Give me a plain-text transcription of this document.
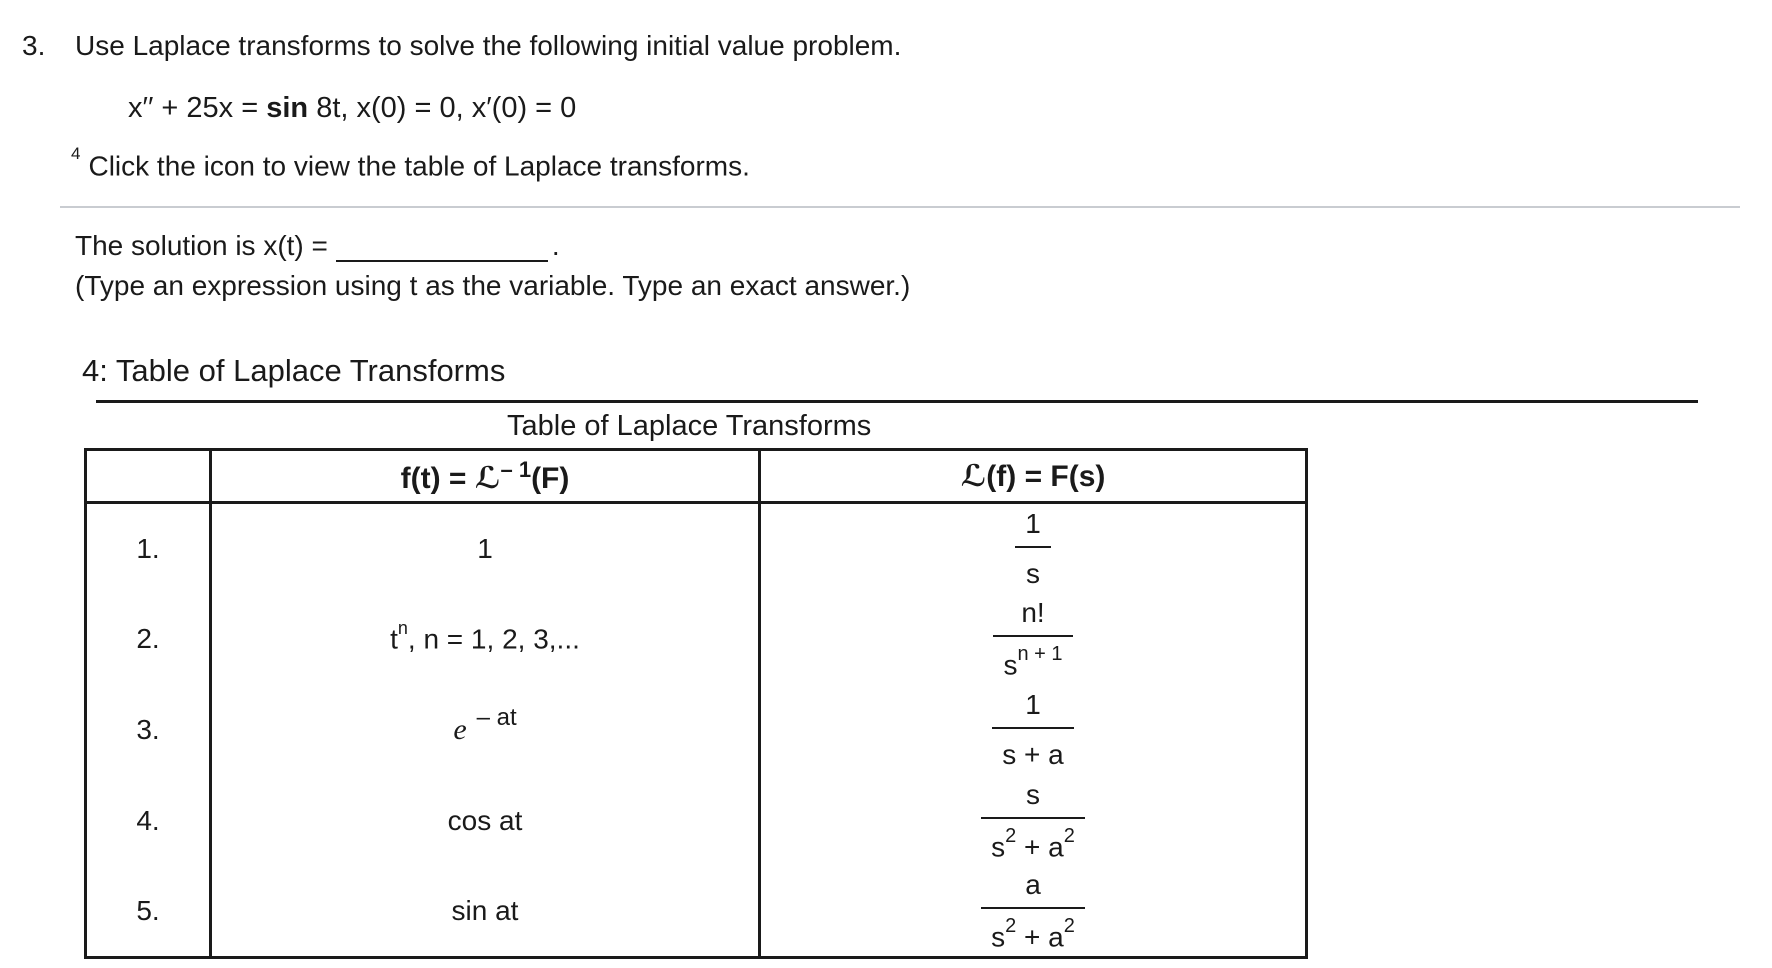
3. Use Laplace transforms to solve the following initial value problem.
x′′ + 25x = sin 8t, x(0) = 0, x′(0) = 0
$^4$ Click the icon to view the table of Laplace transforms.
The solution is x(t) =	.
(Type an expression using t as the variable. Type an exact answer.)
4: Table of Laplace Transforms
Table of Laplace Transforms
	f(t) = ℒ$^{- 1}$(F)	ℒ(f) = F(s)
1.	1	$\frac{1}{s}$

2.	$t^n$, n = 1, 2, 3,...	$\frac{n!}{s^{n + 1}}$

3.	e – at	$\frac{1}{s + a}$

4.	cos at	$\frac{s}{s^2 + a^2}$

5.	sin at	$\frac{a}{s^2 + a^2}$
